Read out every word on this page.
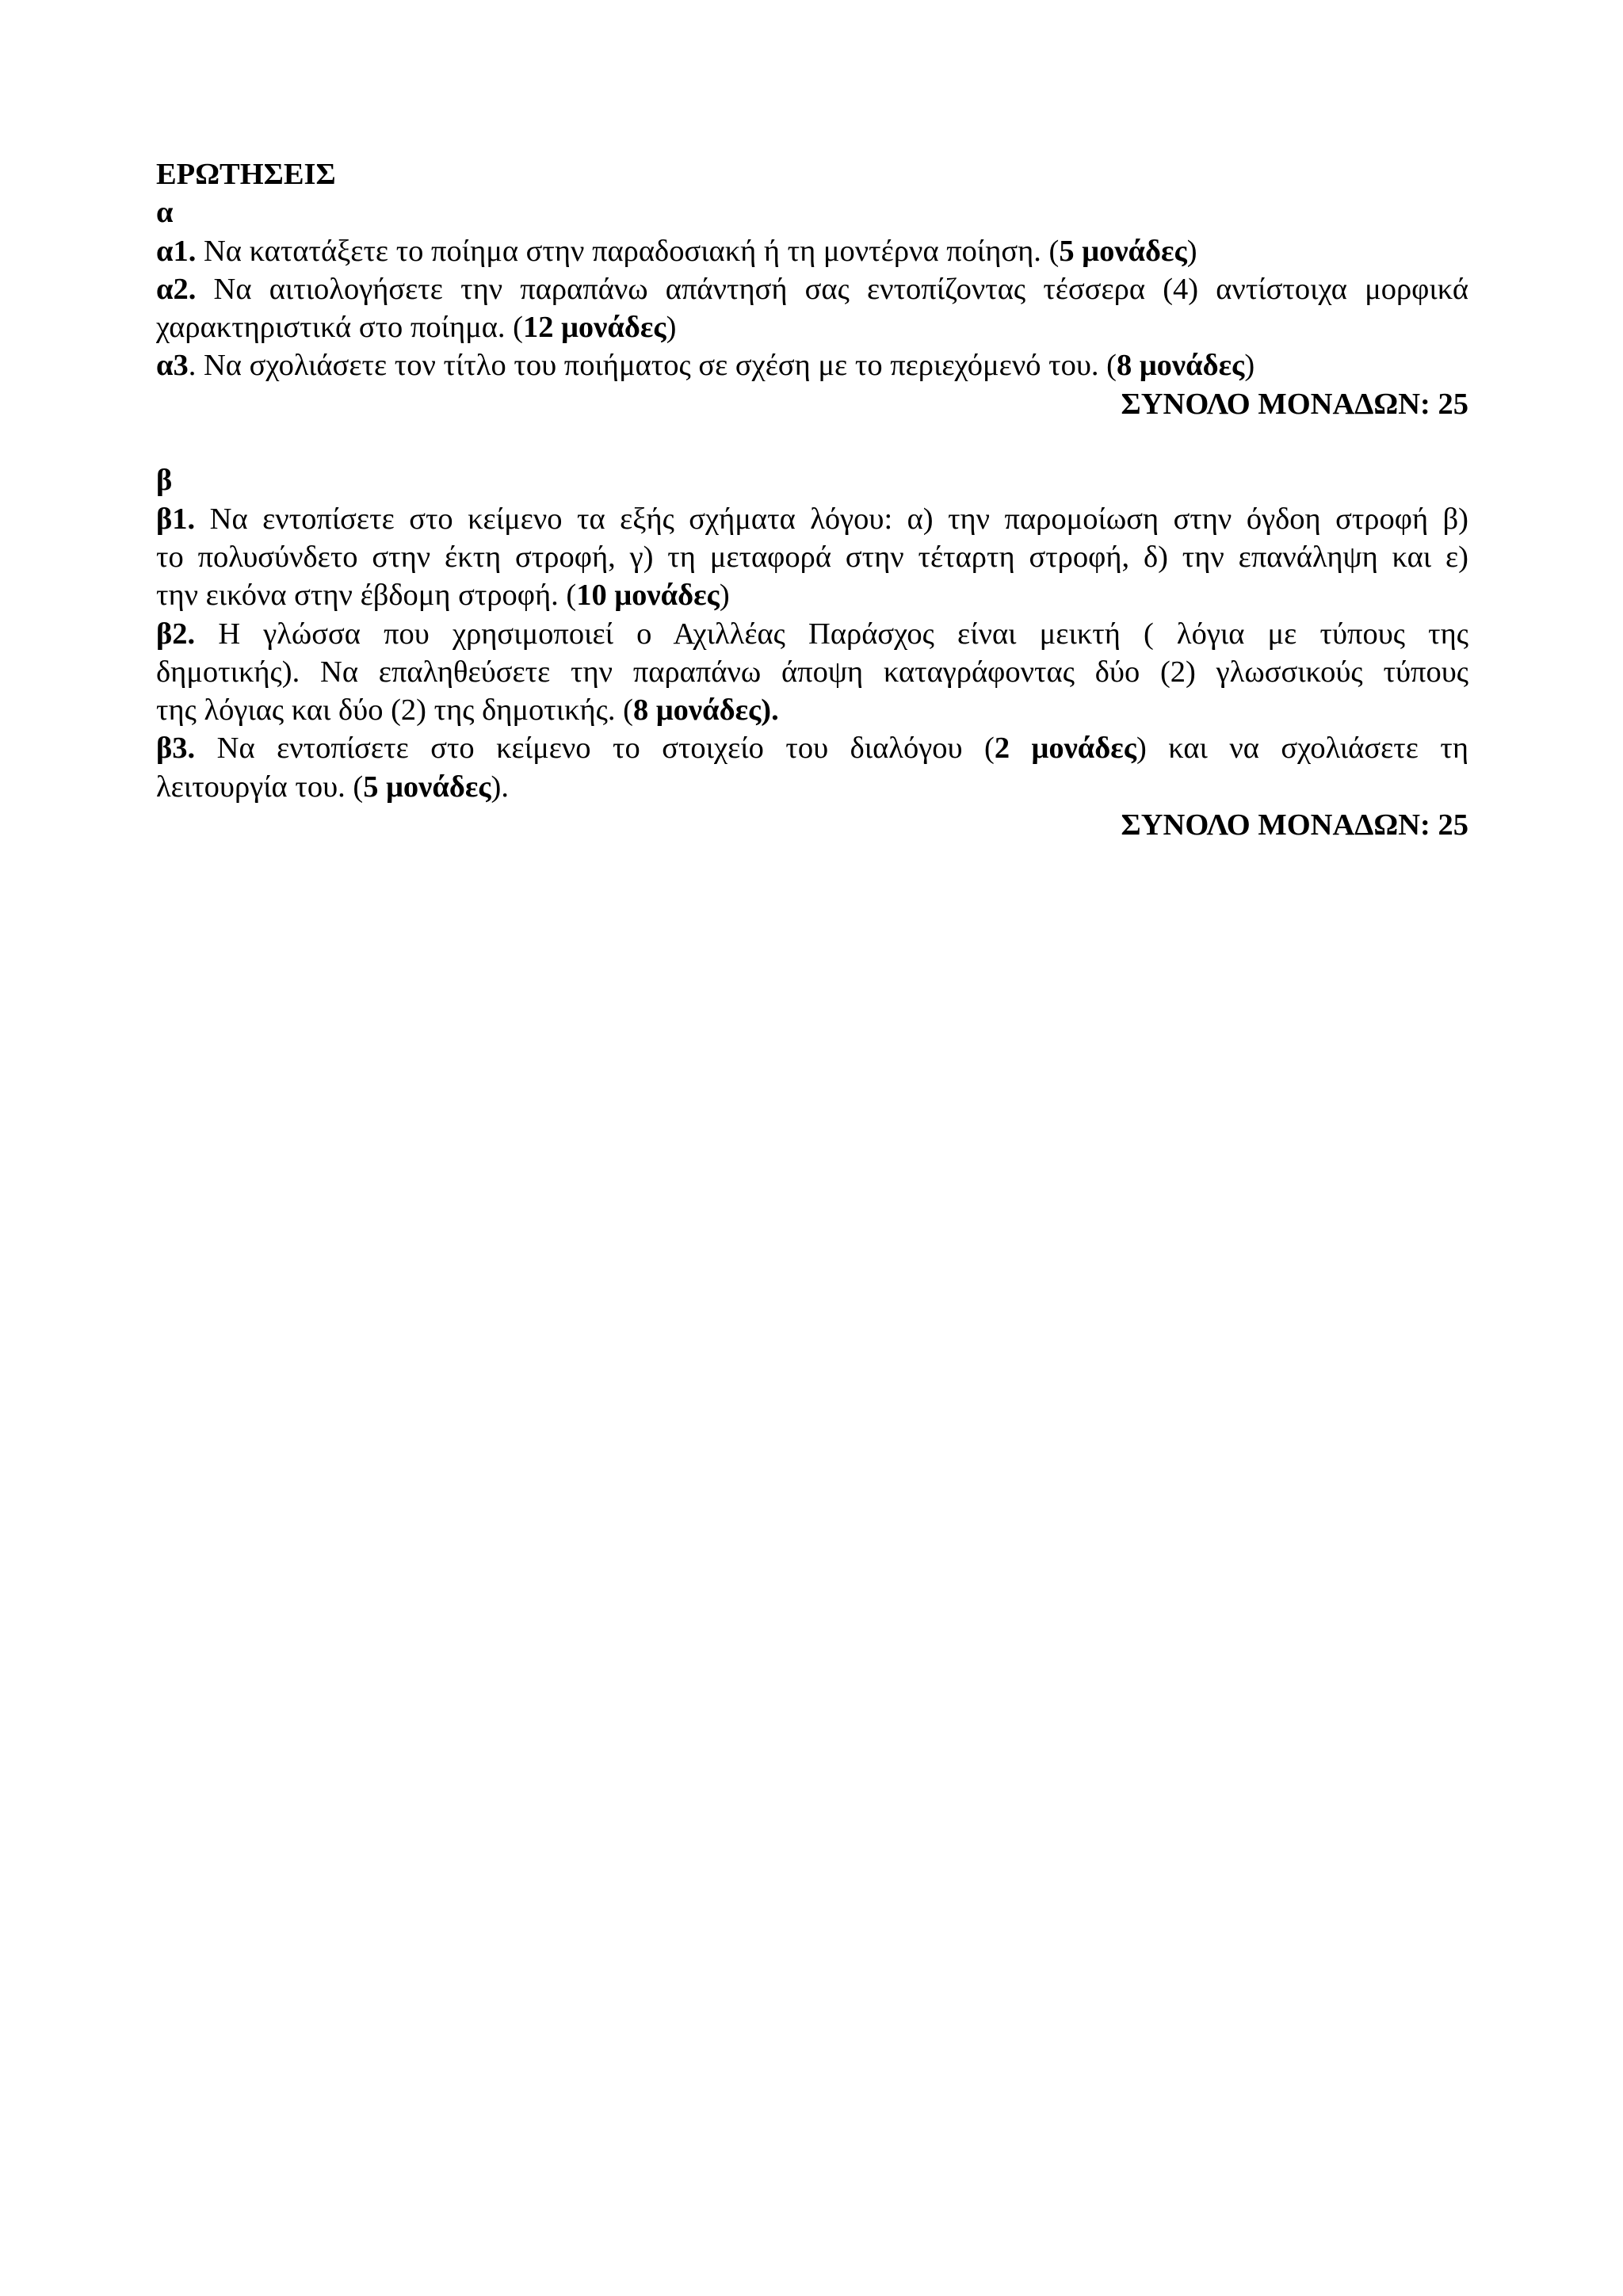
ΕΡΩΤΗΣΕΙΣ
α
α1. Να κατατάξετε το ποίημα στην παραδοσιακή ή τη μοντέρνα ποίηση. (5 μονάδες)
α2. Να αιτιολογήσετε την παραπάνω απάντησή σας εντοπίζοντας τέσσερα (4) αντίστοιχα μορφικά
χαρακτηριστικά στο ποίημα. (12 μονάδες)
α3. Να σχολιάσετε τον τίτλο του ποιήματος σε σχέση με το περιεχόμενό του. (8 μονάδες)
ΣΥΝΟΛΟ ΜΟΝΑΔΩΝ: 25
β
β1. Να εντοπίσετε στο κείμενο τα εξής σχήματα λόγου: α) την παρομοίωση στην όγδοη στροφή β)
το πολυσύνδετο στην έκτη στροφή, γ) τη μεταφορά στην τέταρτη στροφή, δ) την επανάληψη και ε)
την εικόνα στην έβδομη στροφή. (10 μονάδες)
β2. Η γλώσσα που χρησιμοποιεί ο Αχιλλέας Παράσχος είναι μεικτή ( λόγια με τύπους της
δημοτικής). Να επαληθεύσετε την παραπάνω άποψη καταγράφοντας δύο (2) γλωσσικούς τύπους
της λόγιας και δύο (2) της δημοτικής. (8 μονάδες).
β3. Να εντοπίσετε στο κείμενο το στοιχείο του διαλόγου (2 μονάδες) και να σχολιάσετε τη
λειτουργία του. (5 μονάδες).
ΣΥΝΟΛΟ ΜΟΝΑΔΩΝ: 25
